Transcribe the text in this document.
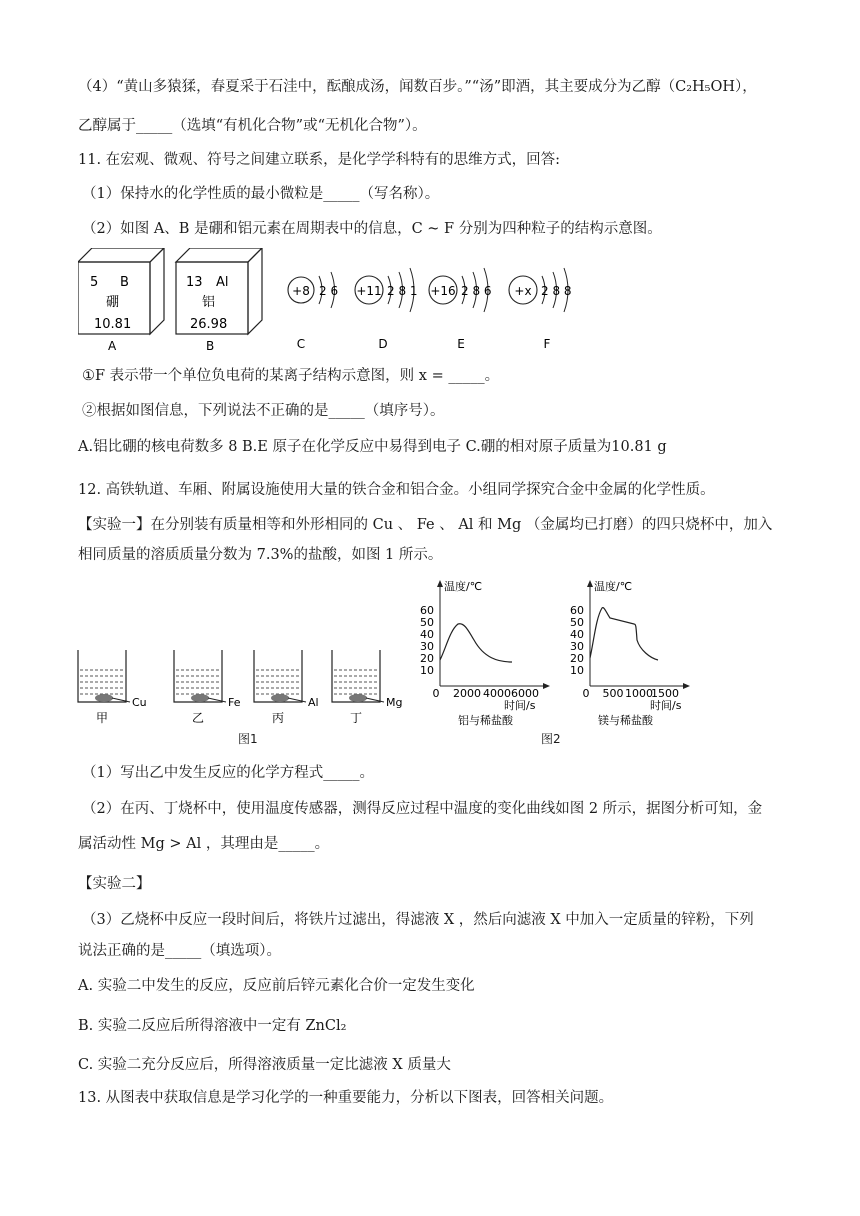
（4）“黄山多猿猱，春夏采于石洼中，酝酿成汤，闻数百步。”“汤”即酒，其主要成分为乙醇（C₂H₅OH），
乙醇属于_____（选填“有机化合物”或“无机化合物”）。
11. 在宏观、微观、符号之间建立联系，是化学学科特有的思维方式，回答:
（1）保持水的化学性质的最小微粒是_____（写名称）。
（2）如图 A、B 是硼和铝元素在周期表中的信息，C ~ F 分别为四种粒子的结构示意图。
5 B
硼
10.81
A
13 Al
铝
26.98
B
+8 2 6
C
+11 2 8 1
D
+16 2 8 6
E
+x 2 8 8
F
①F 表示带一个单位负电荷的某离子结构示意图，则 x = _____。
②根据如图信息，下列说法不正确的是_____（填序号）。
A.铝比硼的核电荷数多 8 B.E 原子在化学反应中易得到电子 C.硼的相对原子质量为10.81 g
12. 高铁轨道、车厢、附属设施使用大量的铁合金和铝合金。小组同学探究合金中金属的化学性质。
【实验一】在分别装有质量相等和外形相同的 Cu 、 Fe 、 Al 和 Mg （金属均已打磨）的四只烧杯中，加入
相同质量的溶质质量分数为 7.3%的盐酸，如图 1 所示。
Cu
甲
Fe
乙
Al
丙
Mg
丁
图1
温度/℃
60
50
40
30
20
10
0 2000 4000 6000
时间/s
铝与稀盐酸
温度/℃
60
50
40
30
20
10
0 500 1000
1500
时间/s
镁与稀盐酸
图2
（1）写出乙中发生反应的化学方程式_____。
（2）在丙、丁烧杯中，使用温度传感器，测得反应过程中温度的变化曲线如图 2 所示，据图分析可知，金
属活动性 Mg > Al ，其理由是_____。
【实验二】
（3）乙烧杯中反应一段时间后，将铁片过滤出，得滤液 X ，然后向滤液 X 中加入一定质量的锌粉，下列
说法正确的是_____（填选项）。
A. 实验二中发生的反应，反应前后锌元素化合价一定发生变化
B. 实验二反应后所得溶液中一定有 ZnCl₂
C. 实验二充分反应后，所得溶液质量一定比滤液 X 质量大
13. 从图表中获取信息是学习化学的一种重要能力，分析以下图表，回答相关问题。
